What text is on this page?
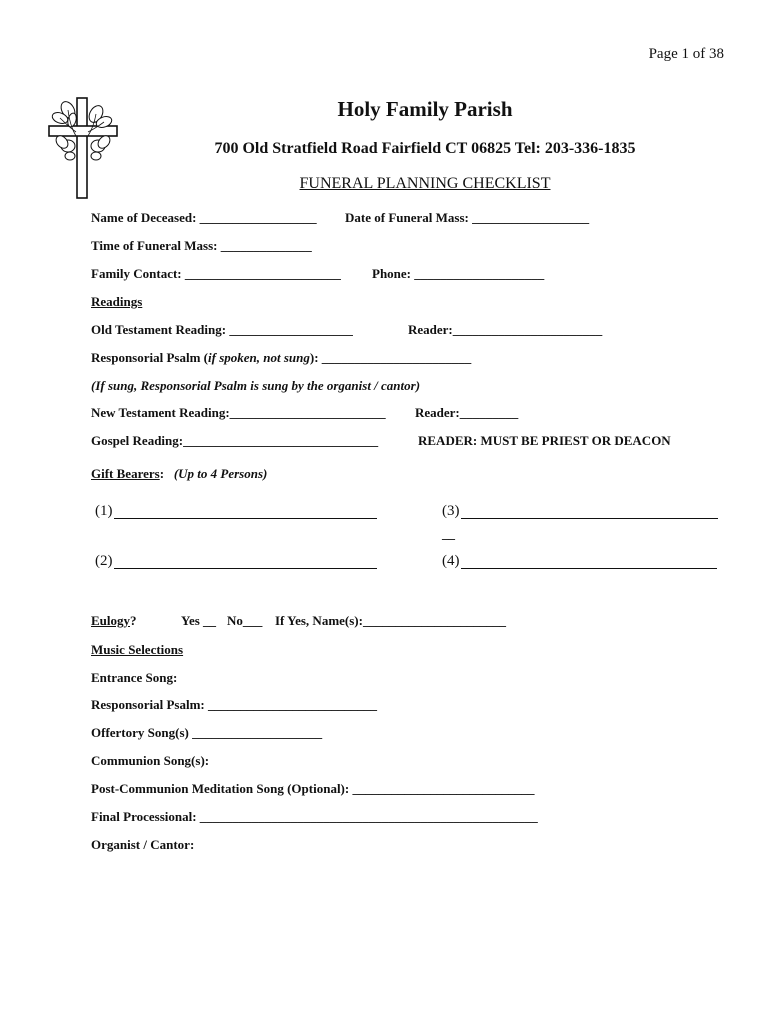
Page 1 of 38
Holy Family Parish
700 Old Stratfield Road Fairfield CT 06825 Tel: 203-336-1835
FUNERAL PLANNING CHECKLIST
Name of Deceased: __________________ Date of Funeral Mass: __________________
Time of Funeral Mass: ______________
Family Contact: ________________________ Phone: ____________________
Readings
Old Testament Reading: ___________________	Reader:_______________________
Responsorial Psalm (if spoken, not sung): _______________________
(If sung, Responsorial Psalm is sung by the organist / cantor)
New Testament Reading:________________________ Reader:_________
Gospel Reading:______________________________	READER: MUST BE PRIEST OR DEACON
Gift Bearers: (Up to 4 Persons)
(1)	(3)
__
(2)	(4)
Eulogy?	Yes __ No___ If Yes, Name(s):______________________
Music Selections
Entrance Song:
Responsorial Psalm: __________________________
Offertory Song(s) ____________________
Communion Song(s):
Post-Communion Meditation Song (Optional): ____________________________
Final Processional: ____________________________________________________
Organist / Cantor:
